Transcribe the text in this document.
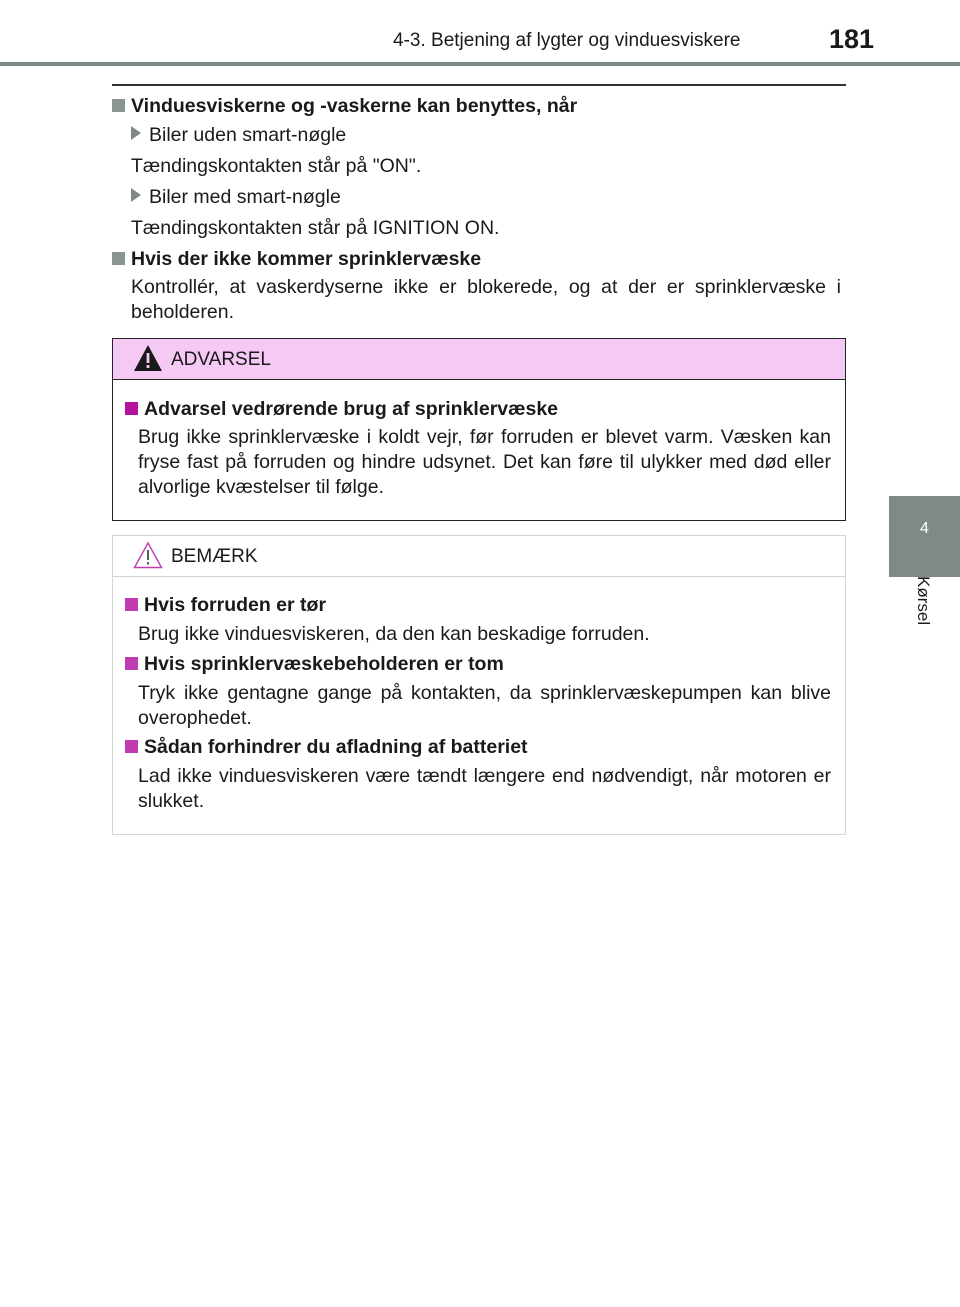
4-3. Betjening af lygter og vinduesviskere	181
4
Kørsel
Vinduesviskerne og -vaskerne kan benyttes, når
Biler uden smart-nøgle
Tændingskontakten står på "ON".
Biler med smart-nøgle
Tændingskontakten står på IGNITION ON.
Hvis der ikke kommer sprinklervæske
Kontrollér, at vaskerdyserne ikke er blokerede, og at der er sprinklervæske i beholderen.
ADVARSEL
Advarsel vedrørende brug af sprinklervæske
Brug ikke sprinklervæske i koldt vejr, før forruden er blevet varm. Væsken kan fryse fast på forruden og hindre udsynet. Det kan føre til ulykker med død eller alvorlige kvæstelser til følge.
BEMÆRK
Hvis forruden er tør
Brug ikke vinduesviskeren, da den kan beskadige forruden.
Hvis sprinklervæskebeholderen er tom
Tryk ikke gentagne gange på kontakten, da sprinklervæskepumpen kan blive overophedet.
Sådan forhindrer du afladning af batteriet
Lad ikke vinduesviskeren være tændt længere end nødvendigt, når motoren er slukket.
